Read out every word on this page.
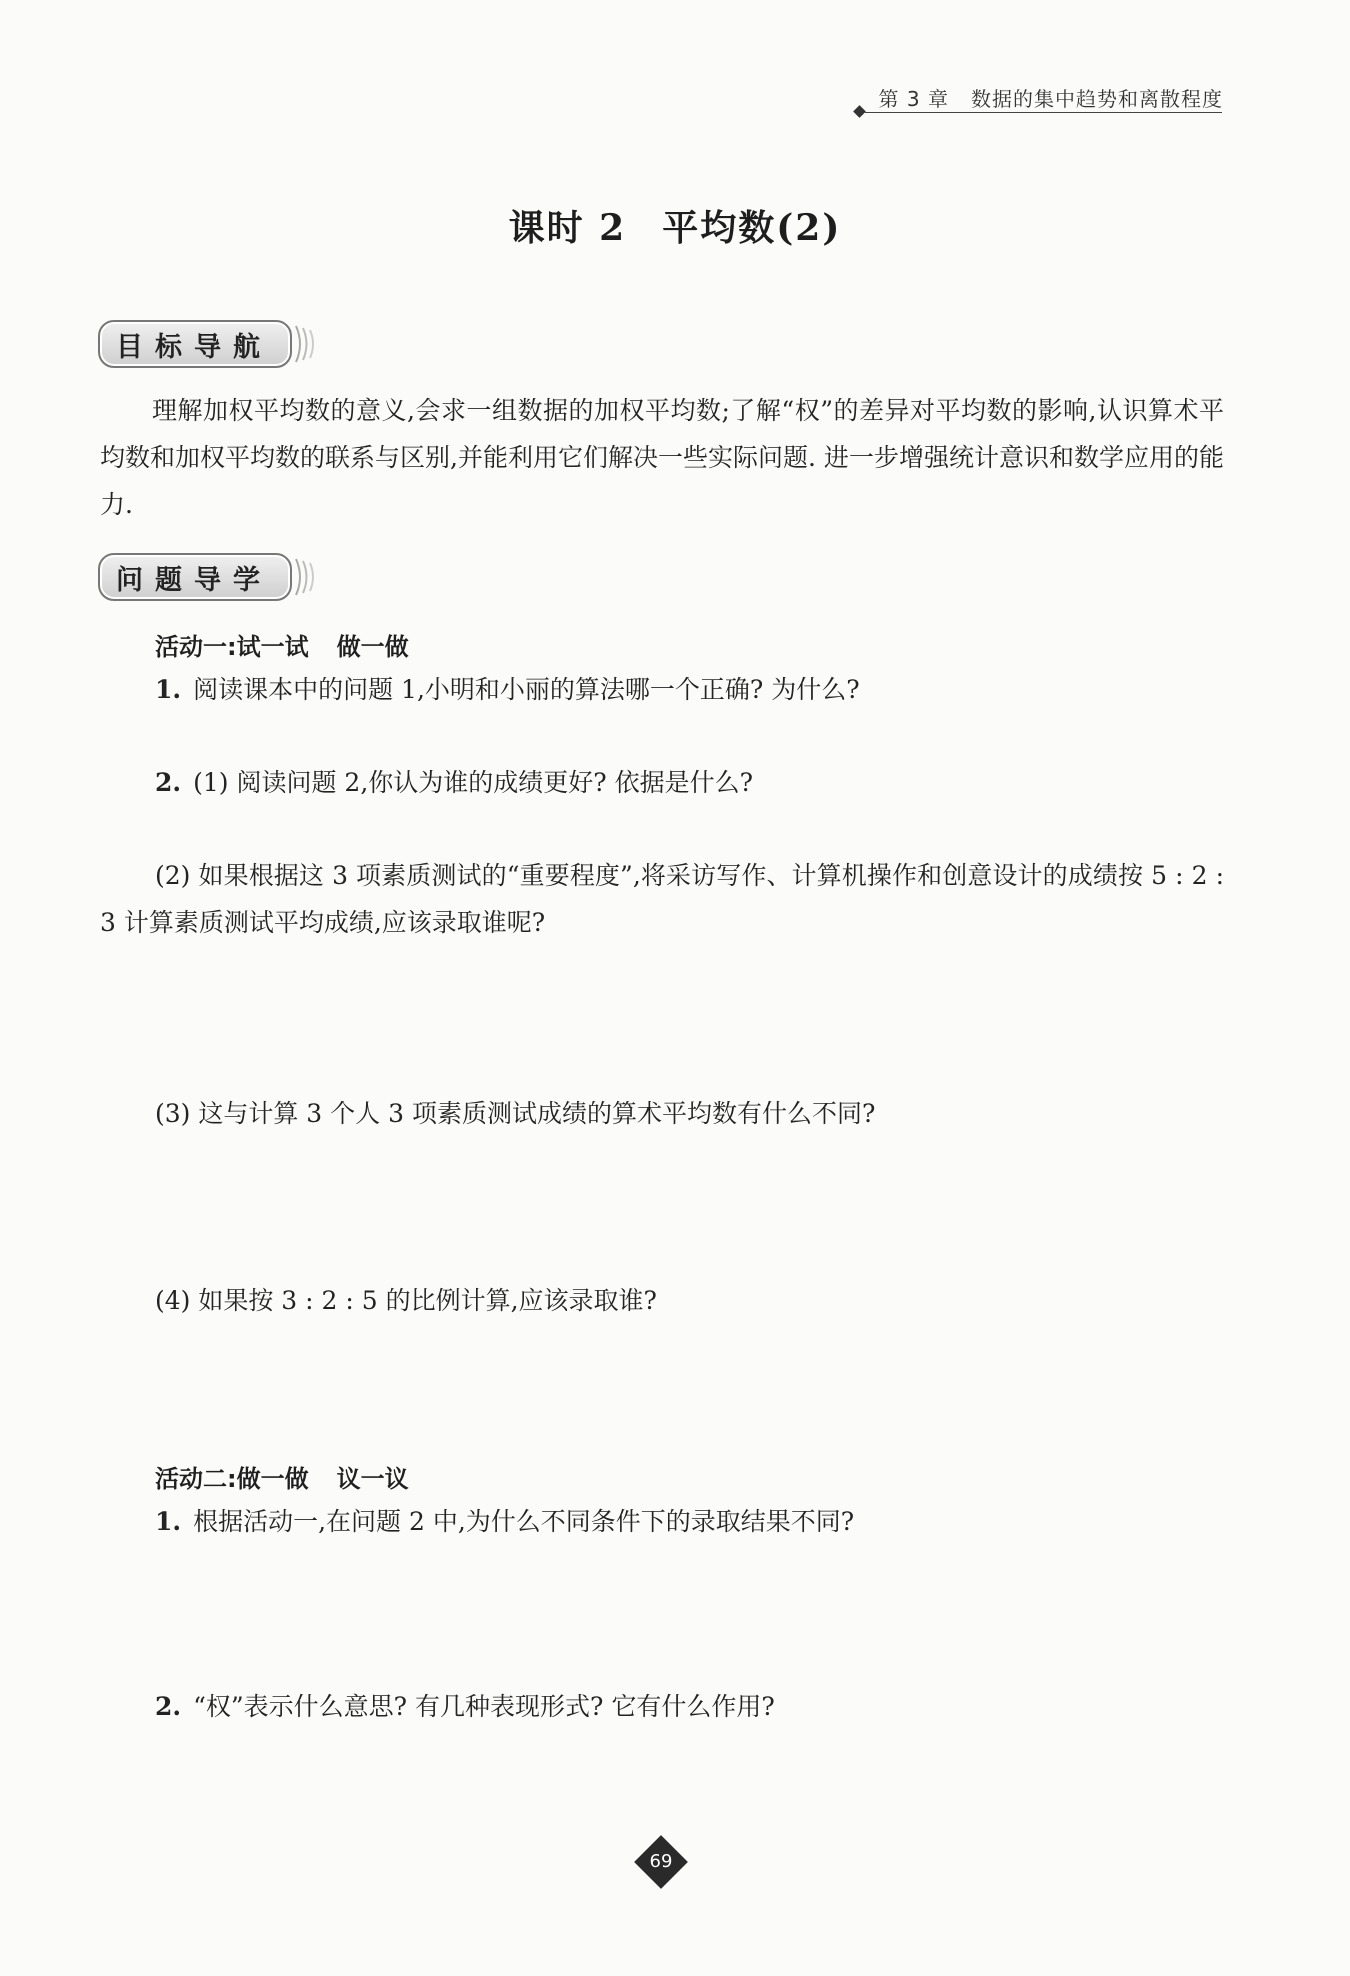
第 3 章 数据的集中趋势和离散程度
课时 2 平均数(2)
目标导航
理解加权平均数的意义,会求一组数据的加权平均数;了解“权”的差异对平均数的影响,认识算术平均数和加权平均数的联系与区别,并能利用它们解决一些实际问题. 进一步增强统计意识和数学应用的能力.
问题导学
活动一:试一试 做一做
1. 阅读课本中的问题 1,小明和小丽的算法哪一个正确? 为什么?
2. (1) 阅读问题 2,你认为谁的成绩更好? 依据是什么?
(2) 如果根据这 3 项素质测试的“重要程度”,将采访写作、计算机操作和创意设计的成绩按 5 : 2 : 3 计算素质测试平均成绩,应该录取谁呢?
(3) 这与计算 3 个人 3 项素质测试成绩的算术平均数有什么不同?
(4) 如果按 3 : 2 : 5 的比例计算,应该录取谁?
活动二:做一做 议一议
1. 根据活动一,在问题 2 中,为什么不同条件下的录取结果不同?
2. “权”表示什么意思? 有几种表现形式? 它有什么作用?
69
